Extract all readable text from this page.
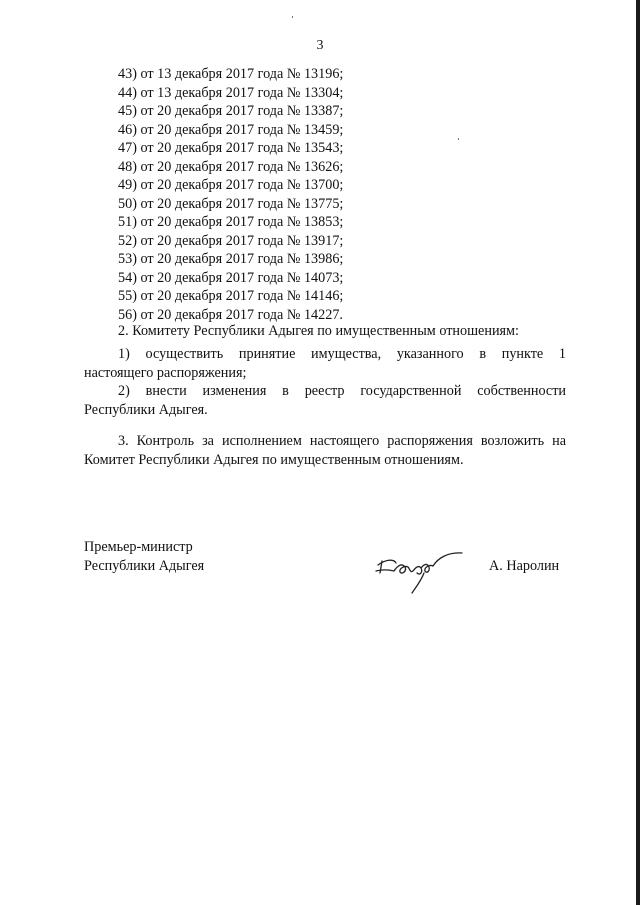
3
43) от 13 декабря 2017 года № 13196;
44) от 13 декабря 2017 года № 13304;
45) от 20 декабря 2017 года № 13387;
46) от 20 декабря 2017 года № 13459;
47) от 20 декабря 2017 года № 13543;
48) от 20 декабря 2017 года № 13626;
49) от 20 декабря 2017 года № 13700;
50) от 20 декабря 2017 года № 13775;
51) от 20 декабря 2017 года № 13853;
52) от 20 декабря 2017 года № 13917;
53) от 20 декабря 2017 года № 13986;
54) от 20 декабря 2017 года № 14073;
55) от 20 декабря 2017 года № 14146;
56) от 20 декабря 2017 года № 14227.
2. Комитету Республики Адыгея по имущественным отношениям:
1) осуществить принятие имущества, указанного в пункте 1
настоящего распоряжения;
2) внести изменения в реестр государственной собственности
Республики Адыгея.
3. Контроль за исполнением настоящего распоряжения возложить на
Комитет Республики Адыгея по имущественным отношениям.
Премьер-министр
Республики Адыгея	А. Наролин
